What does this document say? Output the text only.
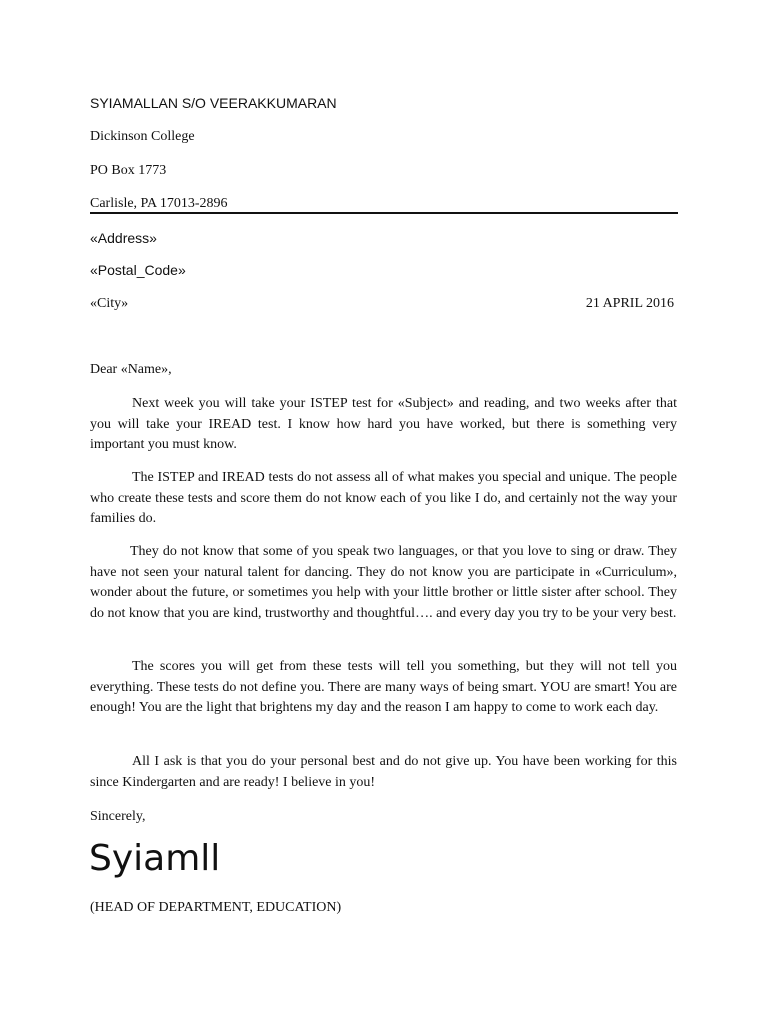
SYIAMALLAN S/O VEERAKKUMARAN
Dickinson College
PO Box 1773
Carlisle, PA 17013-2896
«Address»
«Postal_Code»
«City»	21 APRIL 2016
Dear «Name»,

Next week you will take your ISTEP test for «Subject» and reading, and two weeks after that you will take your IREAD test. I know how hard you have worked, but there is something very important you must know.

The ISTEP and IREAD tests do not assess all of what makes you special and unique. The people who create these tests and score them do not know each of you like I do, and certainly not the way your families do.

They do not know that some of you speak two languages, or that you love to sing or draw. They have not seen your natural talent for dancing. They do not know you are participate in «Curriculum», wonder about the future, or sometimes you help with your little brother or little sister after school. They do not know that you are kind, trustworthy and thoughtful…. and every day you try to be your very best.

The scores you will get from these tests will tell you something, but they will not tell you everything. These tests do not define you. There are many ways of being smart. YOU are smart! You are enough! You are the light that brightens my day and the reason I am happy to come to work each day.

All I ask is that you do your personal best and do not give up. You have been working for this since Kindergarten and are ready! I believe in you!

Sincerely,
Syiamll
(HEAD OF DEPARTMENT, EDUCATION)
